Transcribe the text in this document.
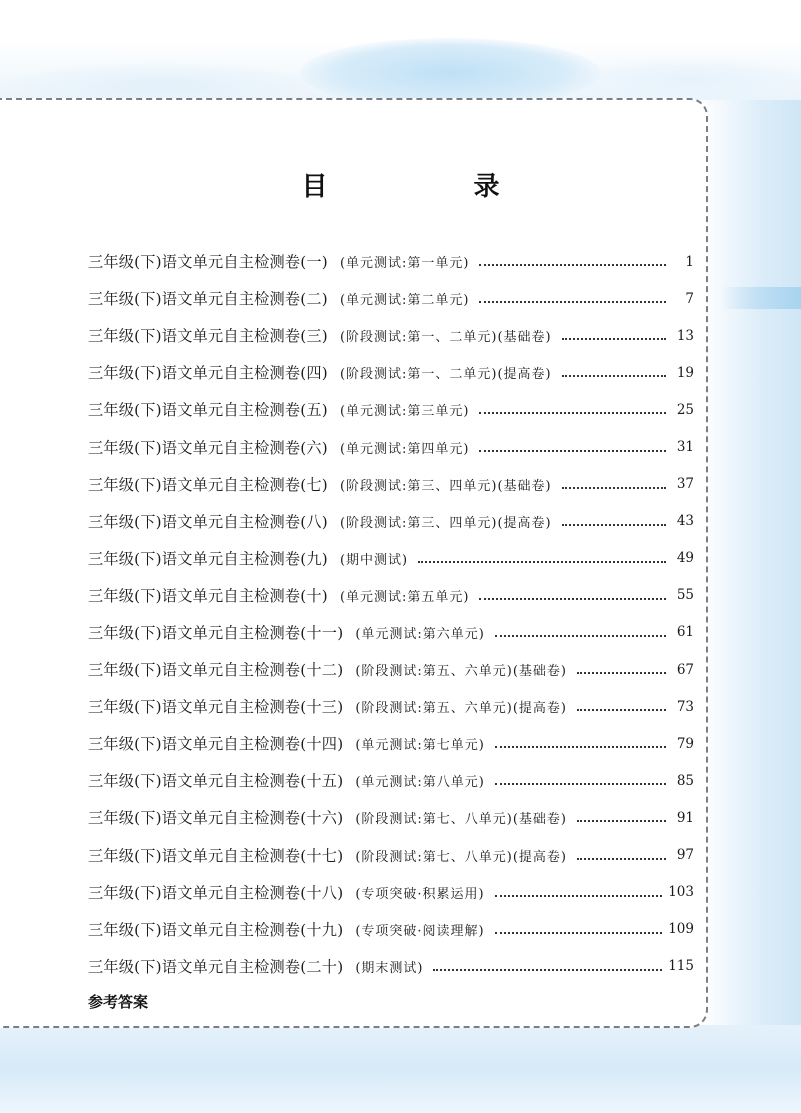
目　录
三年级(下)语文单元自主检测卷(一) (单元测试:第一单元)	1
三年级(下)语文单元自主检测卷(二) (单元测试:第二单元)	7
三年级(下)语文单元自主检测卷(三) (阶段测试:第一、二单元)(基础卷)	13
三年级(下)语文单元自主检测卷(四) (阶段测试:第一、二单元)(提高卷)	19
三年级(下)语文单元自主检测卷(五) (单元测试:第三单元)	25
三年级(下)语文单元自主检测卷(六) (单元测试:第四单元)	31
三年级(下)语文单元自主检测卷(七) (阶段测试:第三、四单元)(基础卷)	37
三年级(下)语文单元自主检测卷(八) (阶段测试:第三、四单元)(提高卷)	43
三年级(下)语文单元自主检测卷(九) (期中测试)	49
三年级(下)语文单元自主检测卷(十) (单元测试:第五单元)	55
三年级(下)语文单元自主检测卷(十一) (单元测试:第六单元)	61
三年级(下)语文单元自主检测卷(十二) (阶段测试:第五、六单元)(基础卷)	67
三年级(下)语文单元自主检测卷(十三) (阶段测试:第五、六单元)(提高卷)	73
三年级(下)语文单元自主检测卷(十四) (单元测试:第七单元)	79
三年级(下)语文单元自主检测卷(十五) (单元测试:第八单元)	85
三年级(下)语文单元自主检测卷(十六) (阶段测试:第七、八单元)(基础卷)	91
三年级(下)语文单元自主检测卷(十七) (阶段测试:第七、八单元)(提高卷)	97
三年级(下)语文单元自主检测卷(十八) (专项突破·积累运用)	103
三年级(下)语文单元自主检测卷(十九) (专项突破·阅读理解)	109
三年级(下)语文单元自主检测卷(二十) (期末测试)	115
参考答案
